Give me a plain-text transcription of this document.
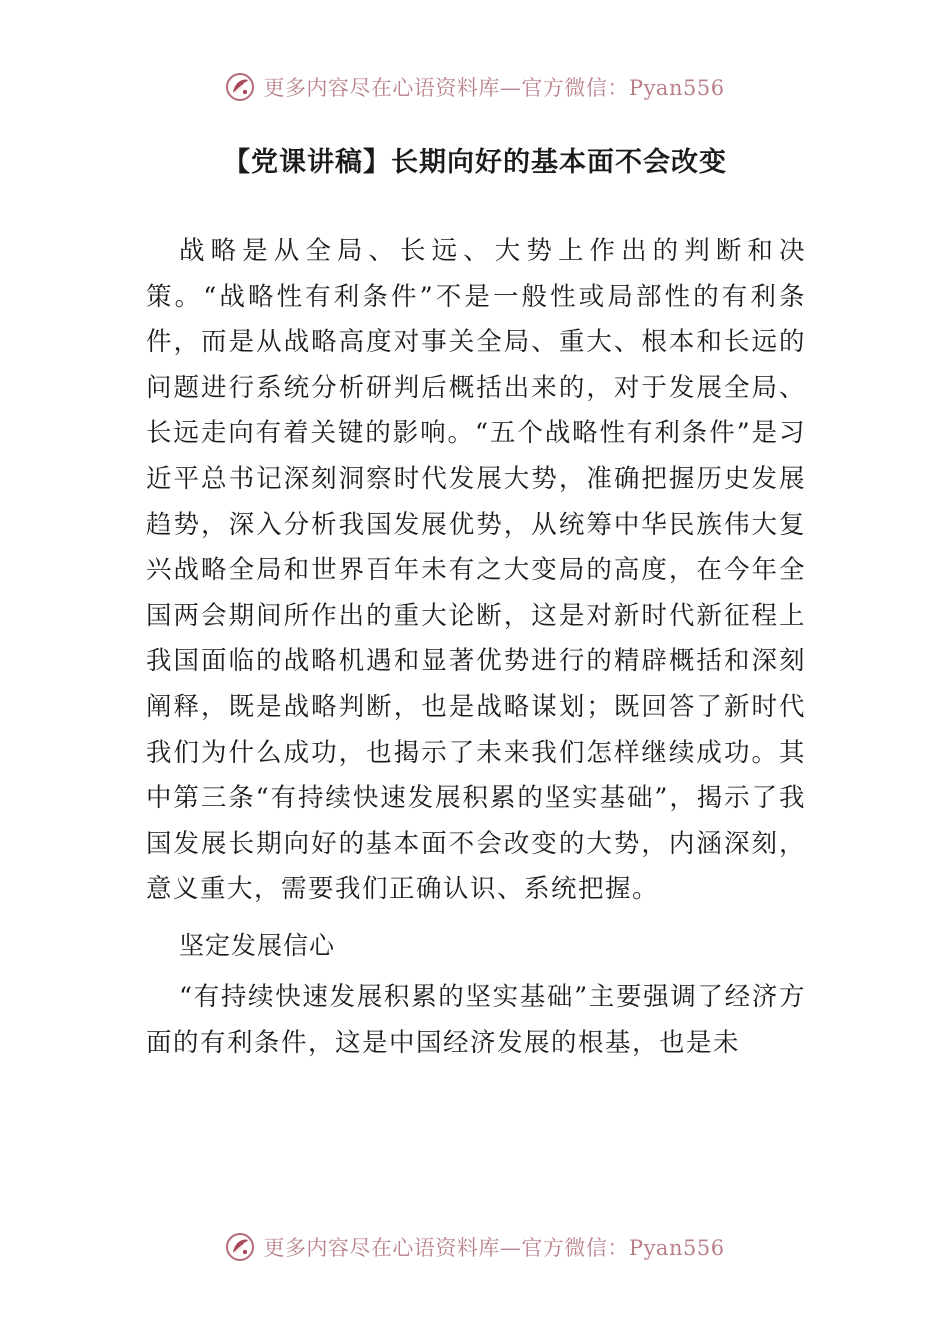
更多内容尽在心语资料库—官方微信：Pyan556
【党课讲稿】长期向好的基本面不会改变

战略是从全局、长远、大势上作出的判断和决策。“战略性有利条件”不是一般性或局部性的有利条件，而是从战略高度对事关全局、重大、根本和长远的问题进行系统分析研判后概括出来的，对于发展全局、长远走向有着关键的影响。“五个战略性有利条件”是习近平总书记深刻洞察时代发展大势，准确把握历史发展趋势，深入分析我国发展优势，从统筹中华民族伟大复兴战略全局和世界百年未有之大变局的高度，在今年全国两会期间所作出的重大论断，这是对新时代新征程上我国面临的战略机遇和显著优势进行的精辟概括和深刻阐释，既是战略判断，也是战略谋划；既回答了新时代我们为什么成功，也揭示了未来我们怎样继续成功。其中第三条“有持续快速发展积累的坚实基础”，揭示了我国发展长期向好的基本面不会改变的大势，内涵深刻，意义重大，需要我们正确认识、系统把握。

坚定发展信心

“有持续快速发展积累的坚实基础”主要强调了经济方面的有利条件，这是中国经济发展的根基，也是未

更多内容尽在心语资料库—官方微信：Pyan556
